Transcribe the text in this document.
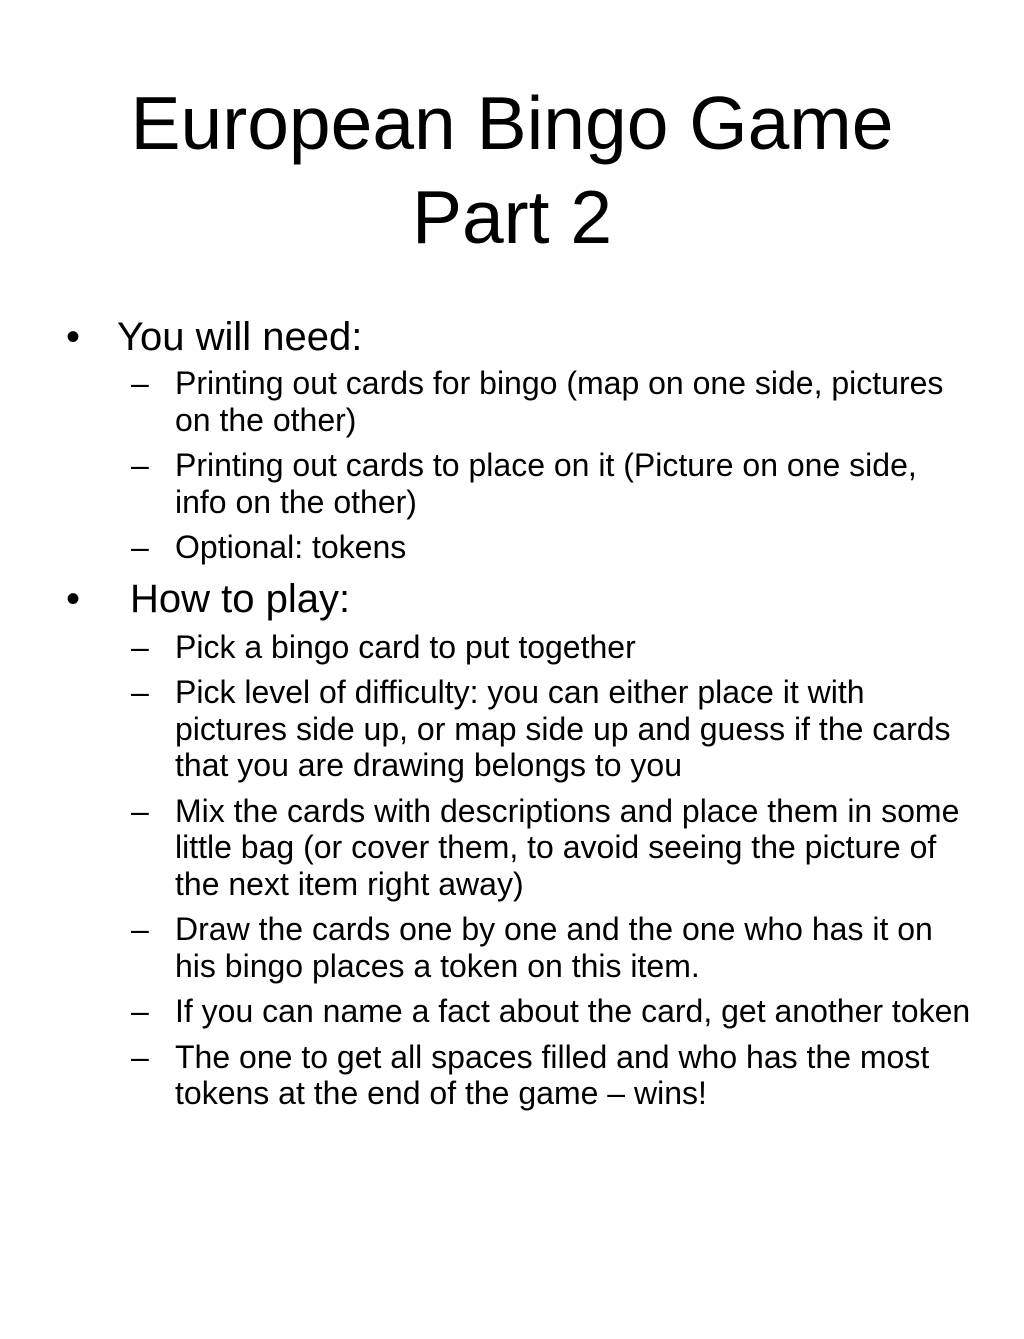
European Bingo Game
Part 2
• You will need:
– Printing out cards for bingo (map on one side, pictures on the other)
– Printing out cards to place on it (Picture on one side, info on the other)
– Optional: tokens
• How to play:
– Pick a bingo card to put together
– Pick level of difficulty: you can either place it with pictures side up, or map side up and guess if the cards that you are drawing belongs to you
– Mix the cards with descriptions and place them in some little bag (or cover them, to avoid seeing the picture of the next item right away)
– Draw the cards one by one and the one who has it on his bingo places a token on this item.
– If you can name a fact about the card, get another token
– The one to get all spaces filled and who has the most tokens at the end of the game – wins!
